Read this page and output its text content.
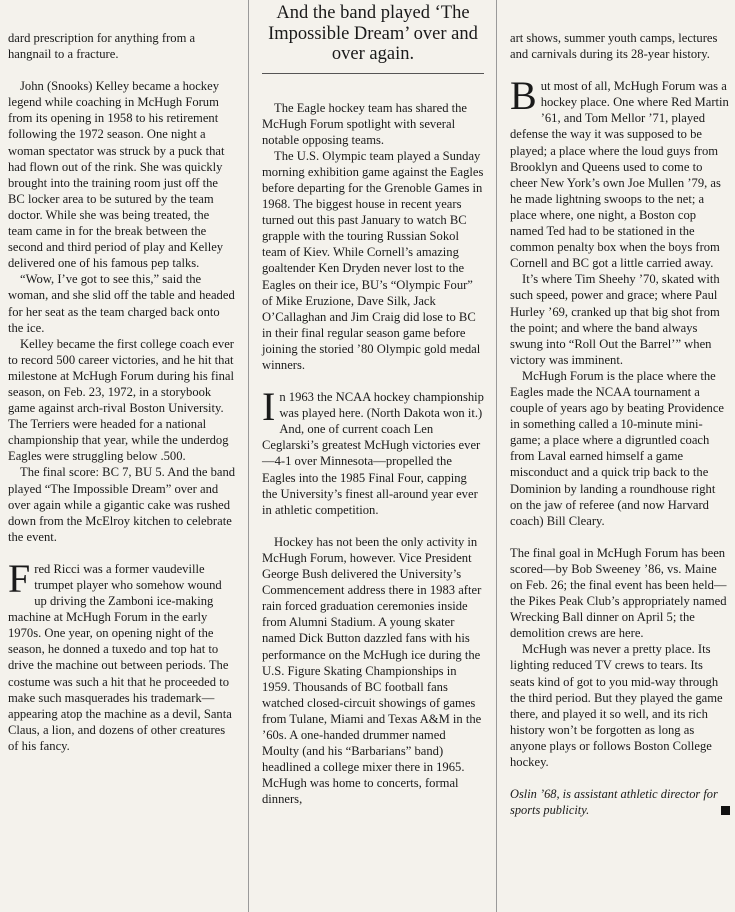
dard prescription for anything from a hangnail to a fracture.

John (Snooks) Kelley became a hockey legend while coaching in McHugh Forum from its opening in 1958 to his retirement following the 1972 season. One night a woman spectator was struck by a puck that had flown out of the rink. She was quickly brought into the training room just off the BC locker area to be sutured by the team doctor. While she was being treated, the team came in for the break between the second and third period of play and Kelley delivered one of his famous pep talks.

“Wow, I’ve got to see this,” said the woman, and she slid off the table and headed for her seat as the team charged back onto the ice.

Kelley became the first college coach ever to record 500 career victories, and he hit that milestone at McHugh Forum during his final season, on Feb. 23, 1972, in a storybook game against arch-rival Boston University. The Terriers were headed for a national championship that year, while the underdog Eagles were struggling below .500.

The final score: BC 7, BU 5. And the band played “The Impossible Dream” over and over again while a gigantic cake was rushed down from the McElroy kitchen to celebrate the event.

Fred Ricci was a former vaudeville trumpet player who somehow wound up driving the Zamboni ice-making machine at McHugh Forum in the early 1970s. One year, on opening night of the season, he donned a tuxedo and top hat to drive the machine out between periods. The costume was such a hit that he proceeded to make such masquerades his trademark—appearing atop the machine as a devil, Santa Claus, a lion, and dozens of other creatures of his fancy.

And the band played ‘The Impossible Dream’ over and over again.

The Eagle hockey team has shared the McHugh Forum spotlight with several notable opposing teams.

The U.S. Olympic team played a Sunday morning exhibition game against the Eagles before departing for the Grenoble Games in 1968. The biggest house in recent years turned out this past January to watch BC grapple with the touring Russian Sokol team of Kiev. While Cornell’s amazing goaltender Ken Dryden never lost to the Eagles on their ice, BU’s “Olympic Four” of Mike Eruzione, Dave Silk, Jack O’Callaghan and Jim Craig did lose to BC in their final regular season game before joining the storied ’80 Olympic gold medal winners.

In 1963 the NCAA hockey championship was played here. (North Dakota won it.) And, one of current coach Len Ceglarski’s greatest McHugh victories ever—4-1 over Minnesota—propelled the Eagles into the 1985 Final Four, capping the University’s finest all-around year ever in athletic competition.

Hockey has not been the only activity in McHugh Forum, however. Vice President George Bush delivered the University’s Commencement address there in 1983 after rain forced graduation ceremonies inside from Alumni Stadium. A young skater named Dick Button dazzled fans with his performance on the McHugh ice during the U.S. Figure Skating Championships in 1959. Thousands of BC football fans watched closed-circuit showings of games from Tulane, Miami and Texas A&M in the ’60s. A one-handed drummer named Moulty (and his “Barbarians” band) headlined a college mixer there in 1965. McHugh was home to concerts, formal dinners,

art shows, summer youth camps, lectures and carnivals during its 28-year history.

But most of all, McHugh Forum was a hockey place. One where Red Martin ’61, and Tom Mellor ’71, played defense the way it was supposed to be played; a place where the loud guys from Brooklyn and Queens used to come to cheer New York’s own Joe Mullen ’79, as he made lightning swoops to the net; a place where, one night, a Boston cop named Ted had to be stationed in the common penalty box when the boys from Cornell and BC got a little carried away.

It’s where Tim Sheehy ’70, skated with such speed, power and grace; where Paul Hurley ’69, cranked up that big shot from the point; and where the band always swung into “Roll Out the Barrel’” when victory was imminent.

McHugh Forum is the place where the Eagles made the NCAA tournament a couple of years ago by beating Providence in something called a 10-minute mini-game; a place where a digruntled coach from Laval earned himself a game misconduct and a quick trip back to the Dominion by landing a roundhouse right on the jaw of referee (and now Harvard coach) Bill Cleary.

The final goal in McHugh Forum has been scored—by Bob Sweeney ’86, vs. Maine on Feb. 26; the final event has been held—the Pikes Peak Club’s appropriately named Wrecking Ball dinner on April 5; the demolition crews are here.

McHugh was never a pretty place. Its lighting reduced TV crews to tears. Its seats kind of got to you mid-way through the third period. But they played the game there, and played it so well, and its rich history won’t be forgotten as long as anyone plays or follows Boston College hockey.

Oslin ’68, is assistant athletic director for sports publicity.
